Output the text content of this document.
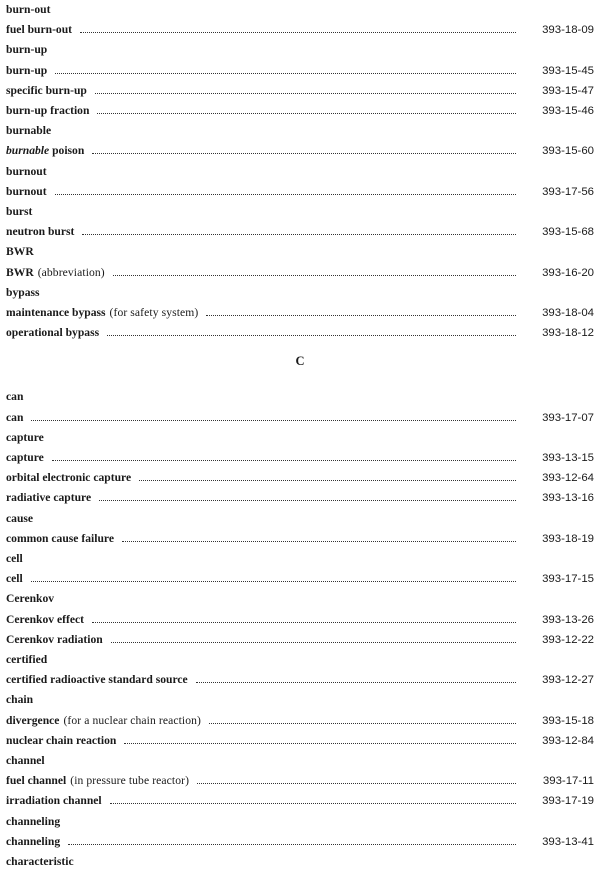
burn-out
fuel burn-out	393-18-09
burn-up
burn-up	393-15-45
specific burn-up	393-15-47
burn-up fraction	393-15-46
burnable
burnable poison	393-15-60
burnout
burnout	393-17-56
burst
neutron burst	393-15-68
BWR
BWR (abbreviation)	393-16-20
bypass
maintenance bypass (for safety system)	393-18-04
operational bypass	393-18-12
C
can
can	393-17-07
capture
capture	393-13-15
orbital electronic capture	393-12-64
radiative capture	393-13-16
cause
common cause failure	393-18-19
cell
cell	393-17-15
Cerenkov
Cerenkov effect	393-13-26
Cerenkov radiation	393-12-22
certified
certified radioactive standard source	393-12-27
chain
divergence (for a nuclear chain reaction)	393-15-18
nuclear chain reaction	393-12-84
channel
fuel channel (in pressure tube reactor)	393-17-11
irradiation channel	393-17-19
channeling
channeling	393-13-41
characteristic
